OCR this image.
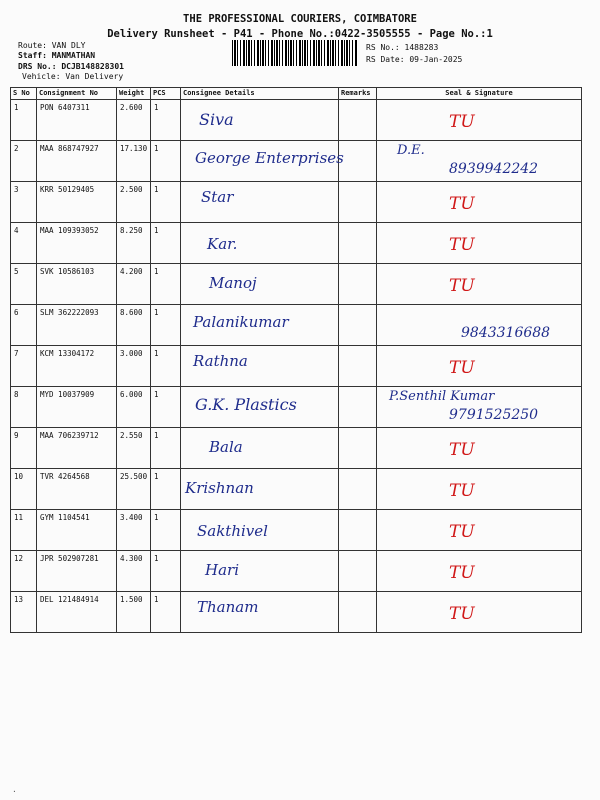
THE PROFESSIONAL COURIERS, COIMBATORE
Delivery Runsheet - P41 - Phone No.:0422-3505555 - Page No.:1
Route: VAN DLY
Staff: MANMATHAN
DRS No.: DCJB148828301
Vehicle: Van Delivery
RS No.: 1488283
RS Date: 09-Jan-2025
S No	Consignment No	Weight	PCS	Consignee Details	Remarks	Seal & Signature

1	PON 6407311	2.600	1	Siva		TU

2	MAA 868747927	17.130	1	George Enterprises		D.E.
8939942242

3	KRR 50129405	2.500	1	Star		TU

4	MAA 109393052	8.250	1	Kar.		TU

5	SVK 10586103	4.200	1	Manoj		TU

6	SLM 362222093	8.600	1	Palanikumar		9843316688

7	KCM 13304172	3.000	1	Rathna		TU

8	MYD 10037909	6.000	1	G.K. Plastics		P.Senthil Kumar
9791525250

9	MAA 706239712	2.550	1	Bala		TU

10	TVR 4264568	25.500	1	Krishnan		TU

11	GYM 1104541	3.400	1	Sakthivel		TU

12	JPR 502907281	4.300	1	Hari		TU

13	DEL 121484914	1.500	1	Thanam		TU
.
